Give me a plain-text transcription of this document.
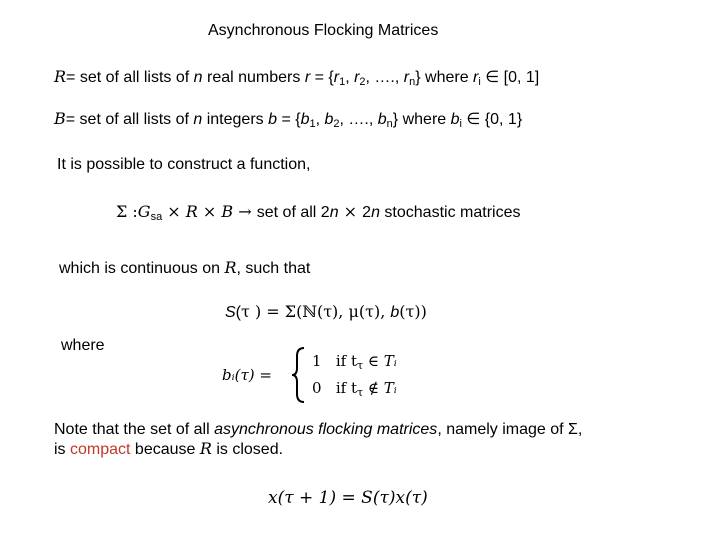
Asynchronous Flocking Matrices
R= set of all lists of n real numbers $r = \{r_1$, $r_2$, …., $r_n$} where $r_i$ ∈ [0, 1]
B= set of all lists of n integers $b = \{b_1$, $b_2$, …., $b_n$} where $b_i$ ∈ {0, 1}
It is possible to construct a function,
Σ $:G_{sa} \times R \times B$ → set of all 2n × 2n stochastic matrices
which is continuous on R, such that
S(τ ) = Σ(ℕ(τ), μ(τ), b(τ))
where
bᵢ(τ) =
1 if $t_\tau$ ∈ Tᵢ
0 if $t_\tau$ ∉ Tᵢ
Note that the set of all asynchronous flocking matrices, namely image of Σ,
is compact because R is closed.
x(τ + 1) = S(τ)x(τ)
